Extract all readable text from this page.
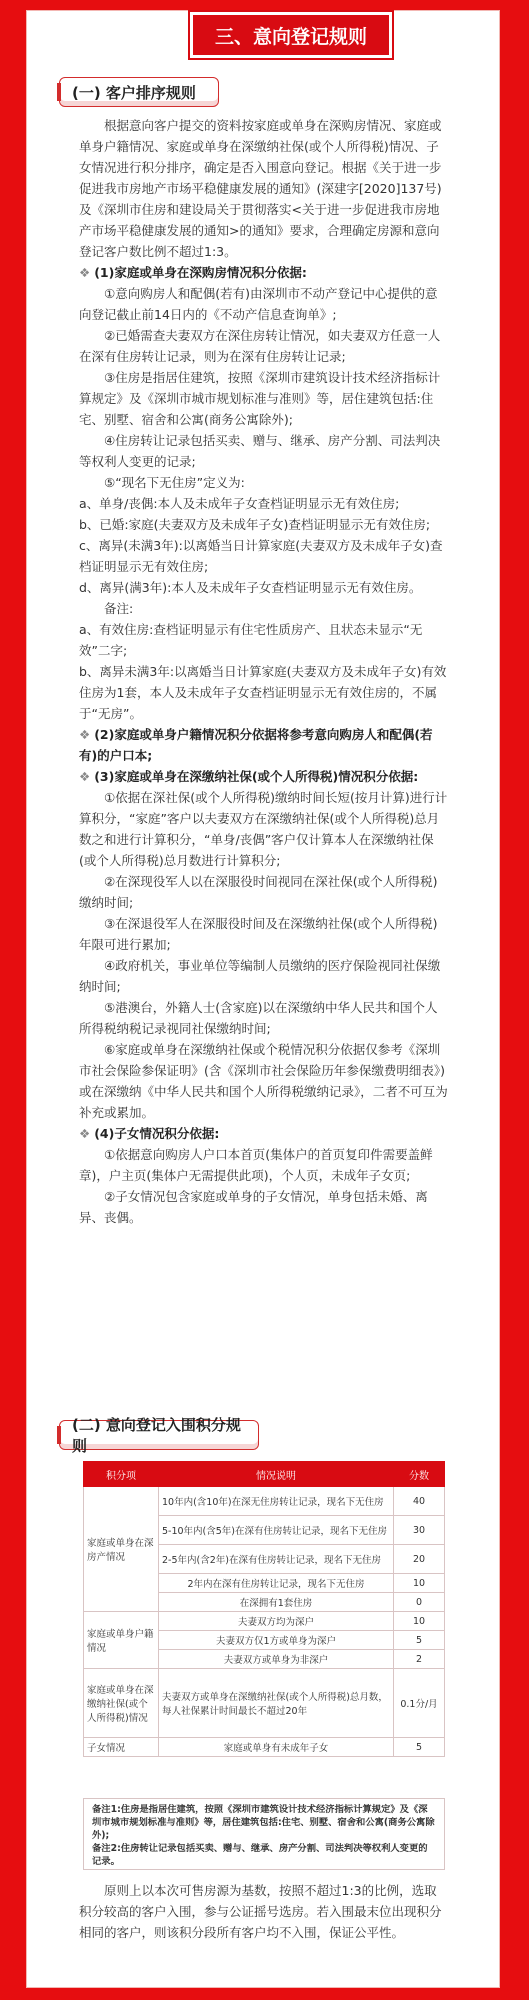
三、意向登记规则
(一) 客户排序规则

根据意向客户提交的资料按家庭或单身在深购房情况、家庭或单身户籍情况、家庭或单身在深缴纳社保(或个人所得税)情况、子女情况进行积分排序，确定是否入围意向登记。根据《关于进一步促进我市房地产市场平稳健康发展的通知》(深建字[2020]137号)及《深圳市住房和建设局关于贯彻落实<关于进一步促进我市房地产市场平稳健康发展的通知>的通知》要求，合理确定房源和意向登记客户数比例不超过1:3。

❖ (1)家庭或单身在深购房情况积分依据:

①意向购房人和配偶(若有)由深圳市不动产登记中心提供的意向登记截止前14日内的《不动产信息查询单》;

②已婚需查夫妻双方在深住房转让情况，如夫妻双方任意一人在深有住房转让记录，则为在深有住房转让记录;

③住房是指居住建筑，按照《深圳市建筑设计技术经济指标计算规定》及《深圳市城市规划标准与准则》等，居住建筑包括:住宅、别墅、宿舍和公寓(商务公寓除外);

④住房转让记录包括买卖、赠与、继承、房产分割、司法判决等权利人变更的记录;

⑤“现名下无住房”定义为:

a、单身/丧偶:本人及未成年子女查档证明显示无有效住房;

b、已婚:家庭(夫妻双方及未成年子女)查档证明显示无有效住房;

c、离异(未满3年):以离婚当日计算家庭(夫妻双方及未成年子女)查档证明显示无有效住房;

d、离异(满3年):本人及未成年子女查档证明显示无有效住房。

备注:

a、有效住房:查档证明显示有住宅性质房产、且状态未显示“无效”二字;

b、离异未满3年:以离婚当日计算家庭(夫妻双方及未成年子女)有效住房为1套，本人及未成年子女查档证明显示无有效住房的，不属于“无房”。

❖ (2)家庭或单身户籍情况积分依据将参考意向购房人和配偶(若有)的户口本;

❖ (3)家庭或单身在深缴纳社保(或个人所得税)情况积分依据:

①依据在深社保(或个人所得税)缴纳时间长短(按月计算)进行计算积分，“家庭”客户以夫妻双方在深缴纳社保(或个人所得税)总月数之和进行计算积分，“单身/丧偶”客户仅计算本人在深缴纳社保(或个人所得税)总月数进行计算积分;

②在深现役军人以在深服役时间视同在深社保(或个人所得税)缴纳时间;

③在深退役军人在深服役时间及在深缴纳社保(或个人所得税)年限可进行累加;

④政府机关，事业单位等编制人员缴纳的医疗保险视同社保缴纳时间;

⑤港澳台，外籍人士(含家庭)以在深缴纳中华人民共和国个人所得税纳税记录视同社保缴纳时间;

⑥家庭或单身在深缴纳社保或个税情况积分依据仅参考《深圳市社会保险参保证明》(含《深圳市社会保险历年参保缴费明细表》)或在深缴纳《中华人民共和国个人所得税缴纳记录》，二者不可互为补充或累加。

❖ (4)子女情况积分依据:

①依据意向购房人户口本首页(集体户的首页复印件需要盖鲜章)，户主页(集体户无需提供此项)，个人页，未成年子女页;

②子女情况包含家庭或单身的子女情况，单身包括未婚、离异、丧偶。

(二) 意向登记入围积分规则
积分项	情况说明	分数
家庭或单身在深房产情况	10年内(含10年)在深无住房转让记录，现名下无住房	40
	5-10年内(含5年)在深有住房转让记录，现名下无住房	30
	2-5年内(含2年)在深有住房转让记录，现名下无住房	20
	2年内在深有住房转让记录，现名下无住房	10
	在深拥有1套住房	0
家庭或单身户籍情况	夫妻双方均为深户	10
	夫妻双方仅1方或单身为深户	5
	夫妻双方或单身为非深户	2
家庭或单身在深缴纳社保(或个人所得税)情况	夫妻双方或单身在深缴纳社保(或个人所得税)总月数，每人社保累计时间最长不超过20年	0.1分/月
子女情况	家庭或单身有未成年子女	5

备注1:住房是指居住建筑，按照《深圳市建筑设计技术经济指标计算规定》及《深圳市城市规划标准与准则》等，居住建筑包括:住宅、别墅、宿舍和公寓(商务公寓除外);

备注2:住房转让记录包括买卖、赠与、继承、房产分割、司法判决等权利人变更的记录。

原则上以本次可售房源为基数，按照不超过1:3的比例，选取积分较高的客户入围，参与公证摇号选房。若入围最末位出现积分相同的客户，则该积分段所有客户均不入围，保证公平性。
